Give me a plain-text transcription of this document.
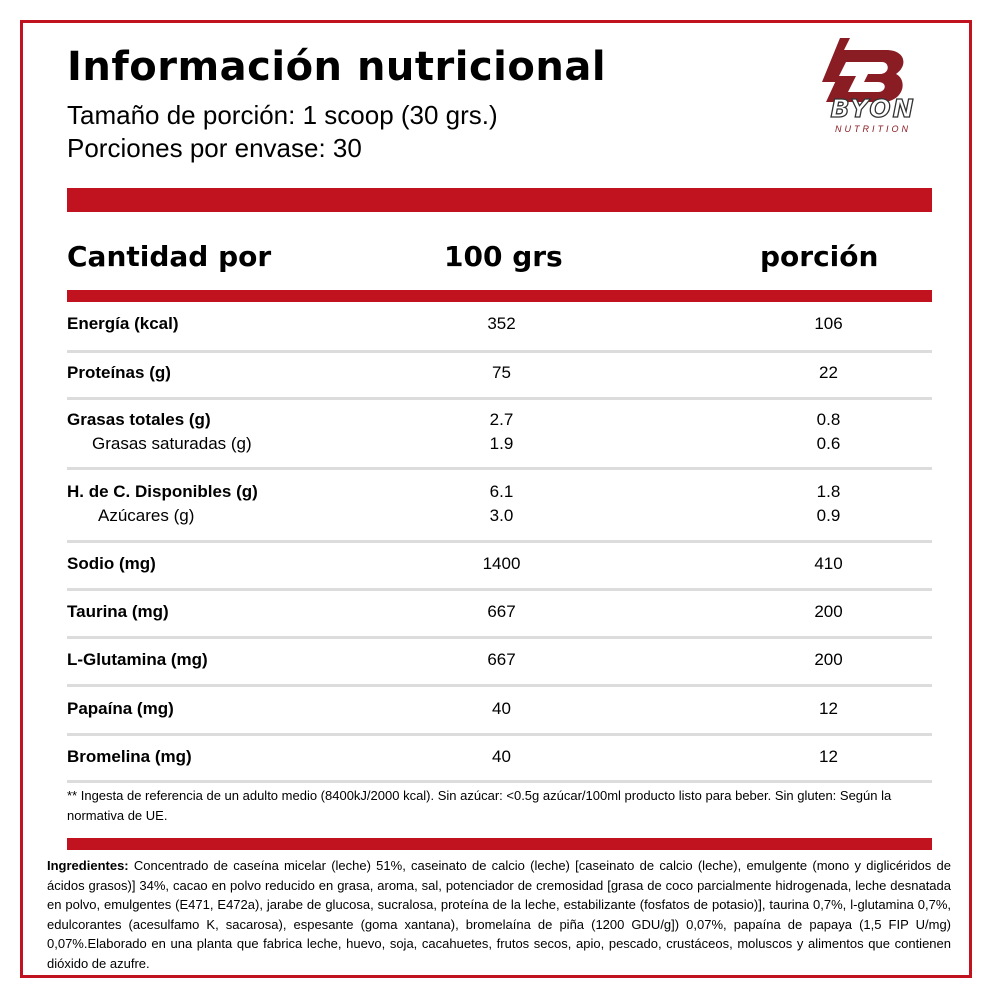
Información nutricional
Tamaño de porción: 1 scoop (30 grs.)
Porciones por envase: 30
BYON
NUTRITION
Cantidad por	100 grs	porción
Energía (kcal)	352	106
Proteínas (g)	75	22
Grasas totales (g)	2.7	0.8
Grasas saturadas (g)	1.9	0.6
H. de C. Disponibles (g)	6.1	1.8
Azúcares (g)	3.0	0.9
Sodio (mg)	1400	410
Taurina (mg)	667	200
L-Glutamina (mg)	667	200
Papaína (mg)	40	12
Bromelina (mg)	40	12
** Ingesta de referencia de un adulto medio (8400kJ/2000 kcal). Sin azúcar: <0.5g azúcar/100ml producto listo para beber. Sin gluten: Según la normativa de UE.
Ingredientes: Concentrado de caseína micelar (leche) 51%, caseinato de calcio (leche) [caseinato de calcio (leche), emulgente (mono y diglicéridos de ácidos grasos)] 34%, cacao en polvo reducido en grasa, aroma, sal, potenciador de cremosidad [grasa de coco parcialmente hidrogenada, leche desnatada en polvo, emulgentes (E471, E472a), jarabe de glucosa, sucralosa, proteína de la leche, estabilizante (fosfatos de potasio)], taurina 0,7%, l-glutamina 0,7%, edulcorantes (acesulfamo K, sacarosa), espesante (goma xantana), bromelaína de piña (1200 GDU/g]) 0,07%, papaína de papaya (1,5 FIP U/mg) 0,07%.Elaborado en una planta que fabrica leche, huevo, soja, cacahuetes, frutos secos, apio, pescado, crustáceos, moluscos y alimentos que contienen dióxido de azufre.
